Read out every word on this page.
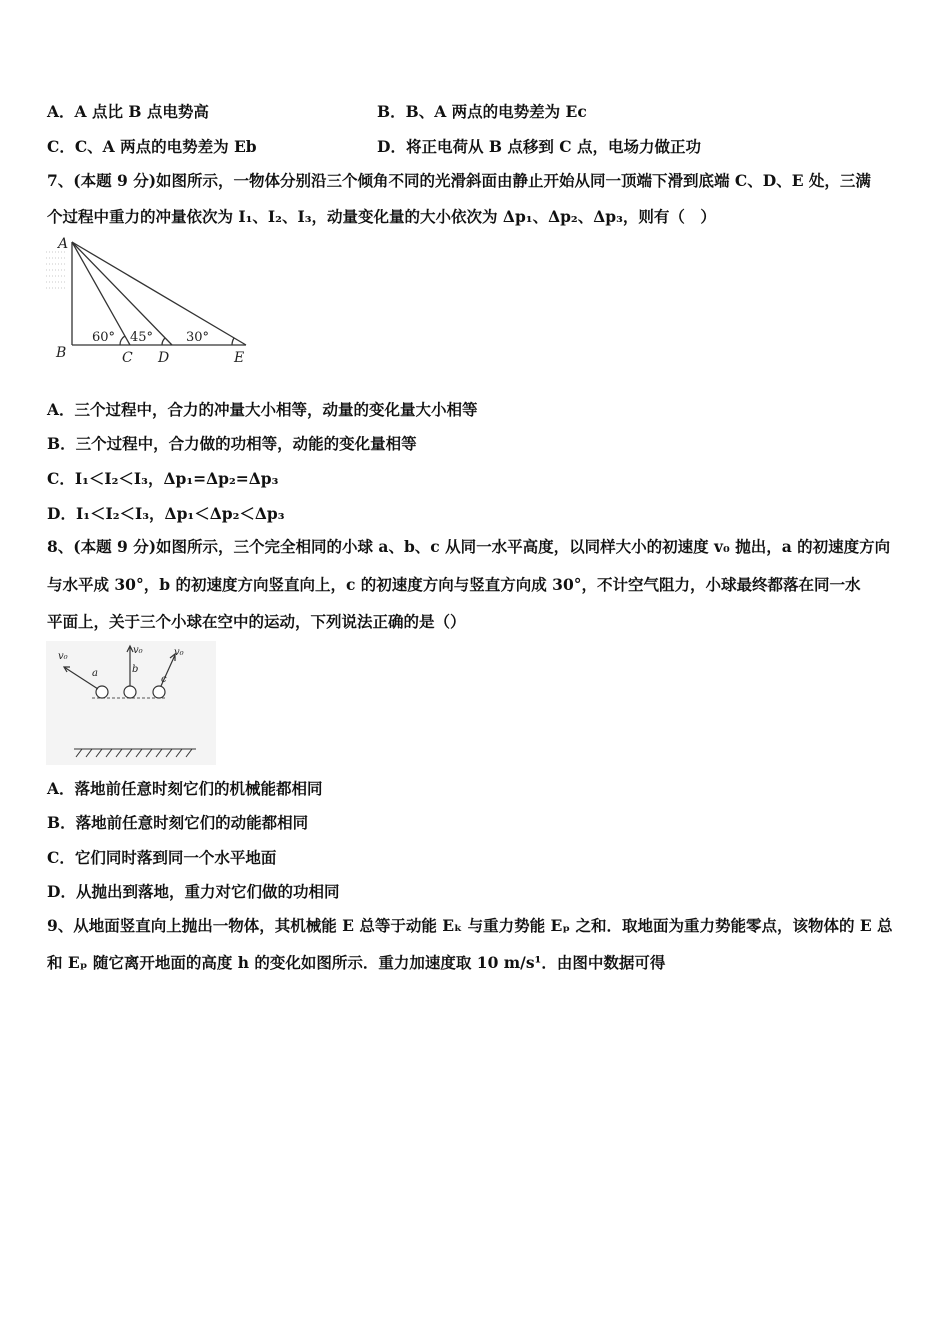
A．A 点比 B 点电势高	B．B、A 两点的电势差为 Ec
C．C、A 两点的电势差为 Eb	D．将正电荷从 B 点移到 C 点，电场力做正功
7、(本题 9 分)如图所示，一物体分别沿三个倾角不同的光滑斜面由静止开始从同一顶端下滑到底端 C、D、E 处，三满
个过程中重力的冲量依次为 I₁、I₂、I₃，动量变化量的大小依次为 Δp₁、Δp₂、Δp₃，则有（　）
A
B	C D	E
60° 45°	30°
A．三个过程中，合力的冲量大小相等，动量的变化量大小相等
B．三个过程中，合力做的功相等，动能的变化量相等
C．I₁＜I₂＜I₃，Δp₁=Δp₂=Δp₃
D．I₁＜I₂＜I₃，Δp₁＜Δp₂＜Δp₃
8、(本题 9 分)如图所示，三个完全相同的小球 a、b、c 从同一水平高度，以同样大小的初速度 v₀ 抛出，a 的初速度方向
与水平成 30°，b 的初速度方向竖直向上，c 的初速度方向与竖直方向成 30°，不计空气阻力，小球最终都落在同一水
平面上，关于三个小球在空中的运动，下列说法正确的是（）
v₀
v₀	v₀
a	b
c
A．落地前任意时刻它们的机械能都相同
B．落地前任意时刻它们的动能都相同
C．它们同时落到同一个水平地面
D．从抛出到落地，重力对它们做的功相同
9、从地面竖直向上抛出一物体，其机械能 E 总等于动能 Eₖ 与重力势能 Eₚ 之和．取地面为重力势能零点，该物体的 E 总
和 Eₚ 随它离开地面的高度 h 的变化如图所示．重力加速度取 10 m/s¹．由图中数据可得
